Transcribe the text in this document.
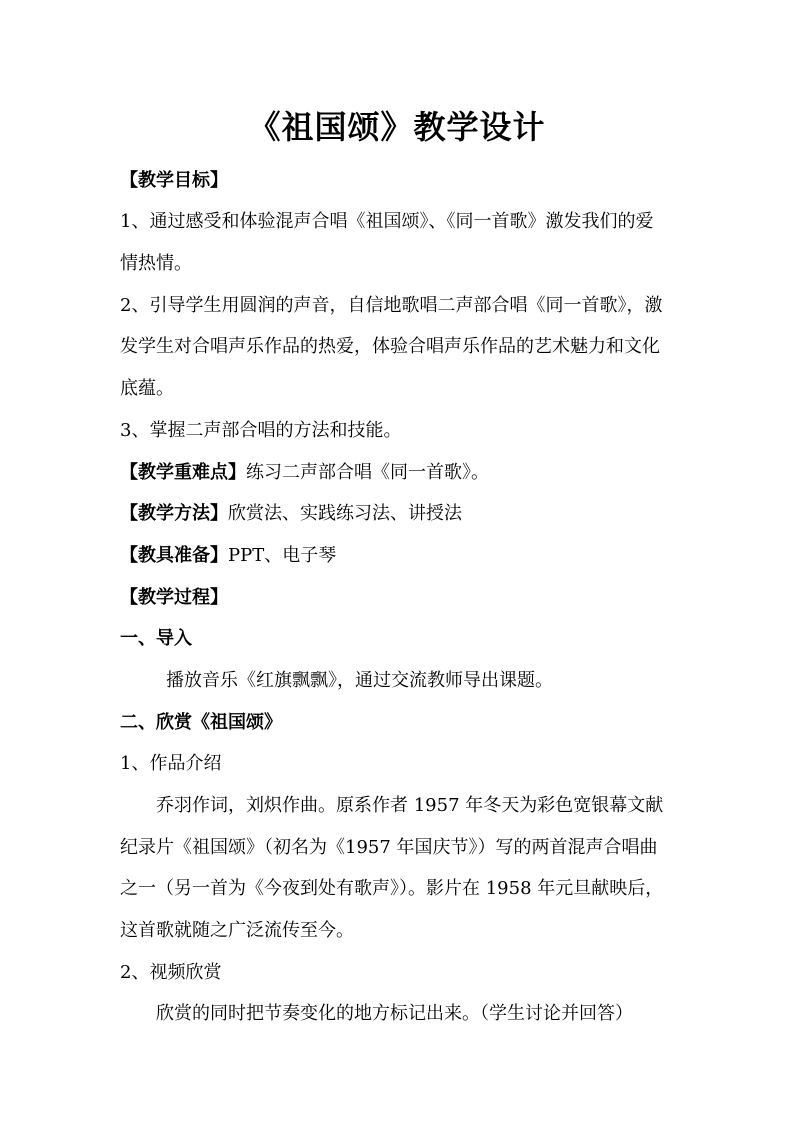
《祖国颂》教学设计
【教学目标】
1、通过感受和体验混声合唱《祖国颂》、《同一首歌》激发我们的爱
情热情。
2、引导学生用圆润的声音，自信地歌唱二声部合唱《同一首歌》，激
发学生对合唱声乐作品的热爱，体验合唱声乐作品的艺术魅力和文化
底蕴。
3、掌握二声部合唱的方法和技能。
【教学重难点】练习二声部合唱《同一首歌》。
【教学方法】欣赏法、实践练习法、讲授法
【教具准备】PPT、电子琴
【教学过程】
一、导入
播放音乐《红旗飘飘》，通过交流教师导出课题。
二、欣赏《祖国颂》
1、作品介绍
乔羽作词，刘炽作曲。原系作者 1957 年冬天为彩色宽银幕文献
纪录片《祖国颂》（初名为《1957 年国庆节》）写的两首混声合唱曲
之一（另一首为《今夜到处有歌声》）。影片在 1958 年元旦献映后，
这首歌就随之广泛流传至今。
2、视频欣赏
欣赏的同时把节奏变化的地方标记出来。（学生讨论并回答）
